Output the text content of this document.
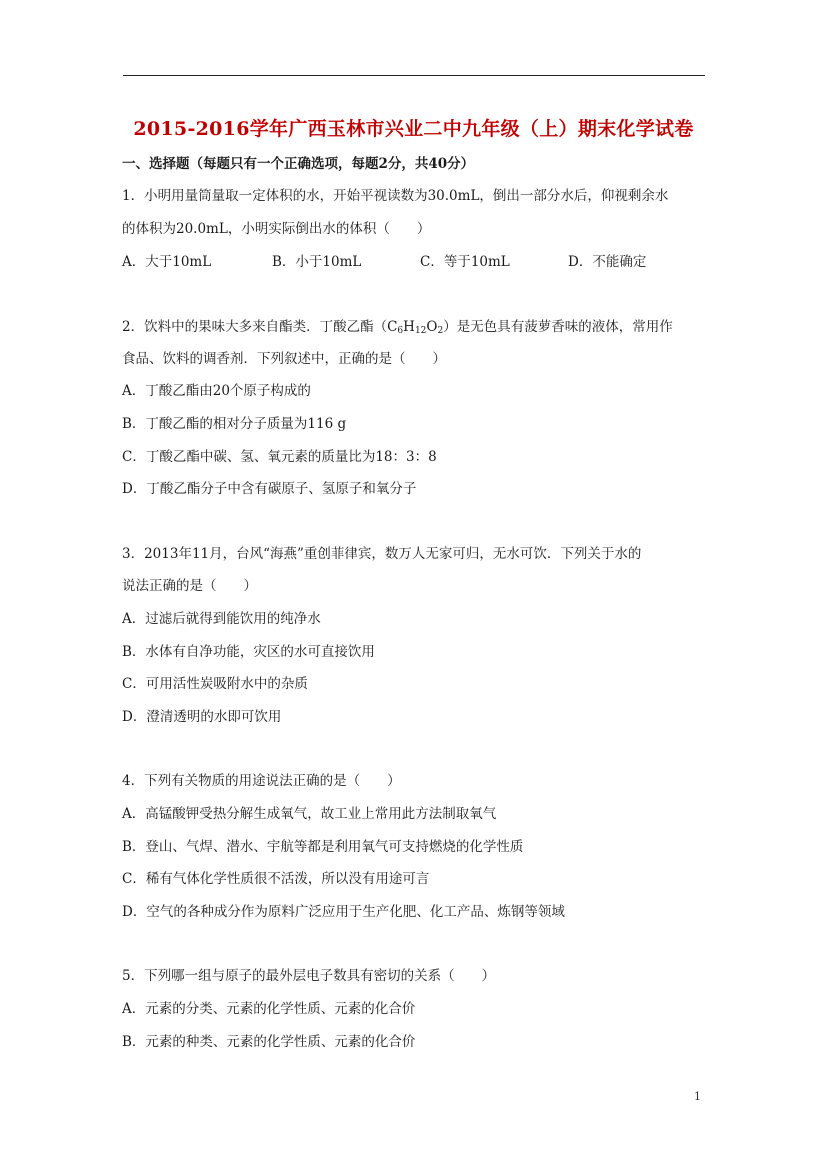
2015-2016学年广西玉林市兴业二中九年级（上）期末化学试卷
一、选择题（每题只有一个正确选项，每题2分，共40分）
1．小明用量筒量取一定体积的水，开始平视读数为30.0mL，倒出一部分水后，仰视剩余水
的体积为20.0mL，小明实际倒出水的体积（　　）
A．大于10mL	B．小于10mL	C．等于10mL	D．不能确定
2．饮料中的果味大多来自酯类．丁酸乙酯$(C_6H_{12}O_2)$是无色具有菠萝香味的液体，常用作
食品、饮料的调香剂．下列叙述中，正确的是（　　）
A．丁酸乙酯由20个原子构成的
B．丁酸乙酯的相对分子质量为116 g
C．丁酸乙酯中碳、氢、氧元素的质量比为18：3：8
D．丁酸乙酯分子中含有碳原子、氢原子和氧分子
3．2013年11月，台风“海燕”重创菲律宾，数万人无家可归，无水可饮．下列关于水的
说法正确的是（　　）
A．过滤后就得到能饮用的纯净水
B．水体有自净功能，灾区的水可直接饮用
C．可用活性炭吸附水中的杂质
D．澄清透明的水即可饮用
4．下列有关物质的用途说法正确的是（　　）
A．高锰酸钾受热分解生成氧气，故工业上常用此方法制取氧气
B．登山、气焊、潜水、宇航等都是利用氧气可支持燃烧的化学性质
C．稀有气体化学性质很不活泼，所以没有用途可言
D．空气的各种成分作为原料广泛应用于生产化肥、化工产品、炼钢等领域
5．下列哪一组与原子的最外层电子数具有密切的关系（　　）
A．元素的分类、元素的化学性质、元素的化合价
B．元素的种类、元素的化学性质、元素的化合价
1
